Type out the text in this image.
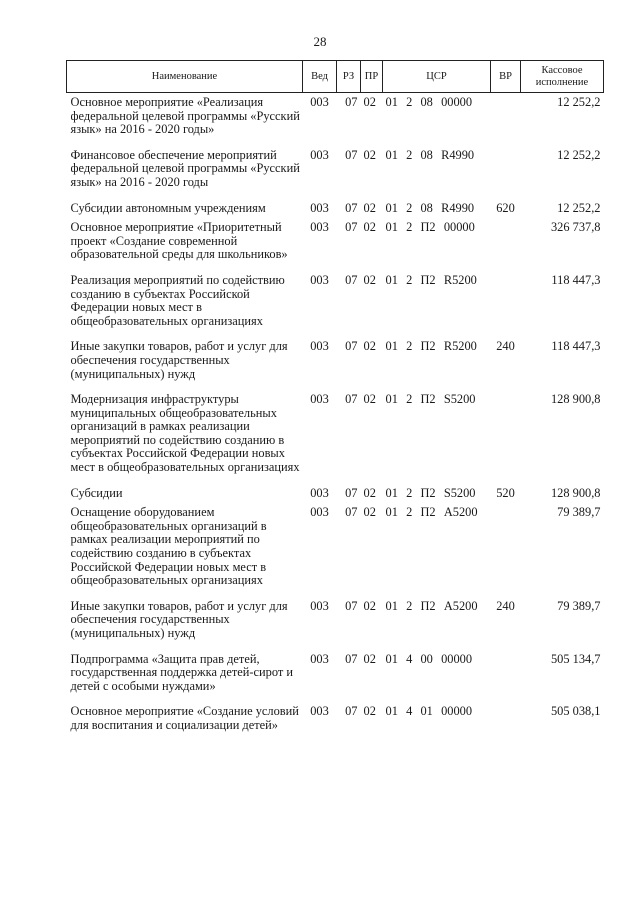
28
Наименование	Вед	РЗ	ПР	ЦСР	ВР	Кассовое исполнение
Основное мероприятие «Реализация федеральной целевой программы «Русский язык» на 2016 - 2020 годы»	003	07	02	01  2  08  00000		12 252,2
Финансовое обеспечение мероприятий федеральной целевой программы «Русский язык» на 2016 - 2020 годы	003	07	02	01  2  08  R4990		12 252,2
Субсидии автономным учреждениям	003	07	02	01  2  08  R4990	620	12 252,2
Основное мероприятие «Приоритетный проект «Создание современной образовательной среды для школьников»	003	07	02	01  2  П2  00000		326 737,8
Реализация мероприятий по содействию созданию в субъектах Российской Федерации новых мест в общеобразовательных организациях	003	07	02	01  2  П2  R5200		118 447,3
Иные закупки товаров, работ и услуг для обеспечения государственных (муниципальных) нужд	003	07	02	01  2  П2  R5200	240	118 447,3
Модернизация инфраструктуры муниципальных общеобразовательных организаций в рамках реализации мероприятий по содействию созданию в субъектах Российской Федерации новых мест в общеобразовательных организациях	003	07	02	01  2  П2  S5200		128 900,8
Субсидии	003	07	02	01  2  П2  S5200	520	128 900,8
Оснащение оборудованием общеобразовательных организаций в рамках реализации мероприятий по содействию созданию в субъектах Российской Федерации новых мест в общеобразовательных организациях	003	07	02	01  2  П2  A5200		79 389,7
Иные закупки товаров, работ и услуг для обеспечения государственных (муниципальных) нужд	003	07	02	01  2  П2  A5200	240	79 389,7
Подпрограмма «Защита прав детей, государственная поддержка детей-сирот и детей с особыми нуждами»	003	07	02	01  4  00  00000		505 134,7
Основное мероприятие «Создание условий для воспитания и социализации детей»	003	07	02	01  4  01  00000		505 038,1
